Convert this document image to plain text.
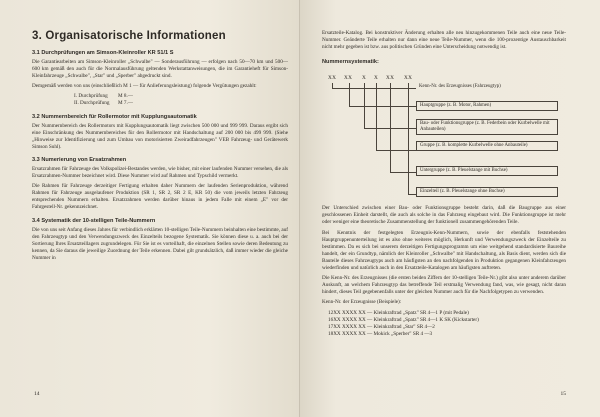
3. Organisatorische Informationen
3.1 Durchprüfungen am Simson-Kleinroller KR 51/1 S

Die Garantiearbeiten am Simson-Kleinroller „Schwalbe" — Sonderausführung — erfolgen nach 50—70 km und 500—600 km gemäß den auch für die Normalausführung geltenden Werkstattanweisungen, die im Garantieheft für Simson-Kleinfahrzeuge „Schwalbe", „Star" und „Sperber" abgedruckt sind.

Demgemäß werden von uns (einschließlich M 1 — für Anlieferungsleistung) folgende Vergütungen gezahlt:

I. Durchprüfung	M 8.—
II. Durchprüfung	M 7.—
3.2 Nummernbereich für Rollermotor mit Kupplungsautomatik

Der Nummernbereich des Rollermotors mit Kupplungsautomatik liegt zwischen 500 000 und 999 999. Daraus ergibt sich eine Einschränkung des Nummernbereiches für den Rollermotor mit Handschaltung auf 200 000 bis 499 999. (Siehe „Hinweise zur Identifizierung und zum Umbau von motorisierten Zweiradfahrzeugen" VEB Fahrzeug- und Gerätewerk Simson Suhl).

3.3 Numerierung von Ersatzrahmen

Ersatzrahmen für Fahrzeuge des Volkspolizei-Bestandes werden, wie bisher, mit einer laufenden Nummer versehen, die als Ersatzrahmen-Nummer bezeichnet wird. Diese Nummer wird auf Rahmen und Typschild vermerkt.

Die Rahmen für Fahrzeuge derzeitiger Fertigung erhalten daher Nummern der laufenden Serienproduktion, während Rahmen für Fahrzeuge ausgelaufener Produktion (SR 1, SR 2, SR 2 E, KR 50) die vom jeweils letzten Fahrzeug entsprechenden Nummern erhalten. Ersatzrahmen werden darüber hinaus in jedem Falle mit einem „E" vor der Fahrgestell-Nr. gekennzeichnet.

3.4 Systematik der 10-stelligen Teile-Nummern

Die von uns seit Anfang dieses Jahres für verbindlich erklärten 10-stelligen Teile-Nummern beinhalten eine bestimmte, auf den Fahrzeugtyp und den Verwendungszweck des Einzelteils bezogene Systematik. Sie können diese u. a. auch bei der Sortierung Ihres Ersatzteillagers zugrundelegen. Für Sie ist es vorteilhaft, die einzelnen Stellen sowie deren Bedeutung zu kennen, da Sie daraus die jeweilige Zuordnung der Teile erkennen. Dabei gilt grundsätzlich, daß immer wieder die gleiche Nummer in

14

Ersatzteile-Katalog. Bei konstruktiver Änderung erhalten alle neu hinzugekommenen Teile auch eine neue Teile-Nummer. Geänderte Teile erhalten nur dann eine neue Teile-Nummer, wenn die 100-prozentige Austauschbarkeit nicht mehr gegeben ist bzw. aus politischen Gründen eine Unterscheidung notwendig ist.

Nummernsystematik:
XX XX X X XX XX
Kenn-Nr. des Erzeugnisses (Fahrzeugtyp)
Hauptgruppe (z. B. Motor, Rahmen)
Bau- oder Funktionsgruppe (z. B. Federbein oder Kurbelwelle mit Anbauteilen)
Gruppe (z. B. komplette Kurbelwelle ohne Anbauteile)
Untergruppe (z. B. Pleuelstange mit Buchse)
Einzelteil (z. B. Pleuelstange ohne Buchse)

Der Unterschied zwischen einer Bau- oder Funktionsgruppe besteht darin, daß die Baugruppe aus einer geschlossenen Einheit darstellt, die auch als solche in das Fahrzeug eingebaut wird. Die Funktionsgruppe ist mehr oder weniger eine theoretische Zusammenstellung der funktionell zusammengehörenden Teile.

Bei Kenntnis der festgelegten Erzeugnis-Kenn-Nummern, sowie der ebenfalls feststehenden Hauptgruppenunterteilung ist es also ohne weiteres möglich, Herkunft und Verwendungszweck der Einzelteile zu bestimmen. Da es sich bei unserem derzeitigen Fertigungsprogramm um eine weitgehend standardisierte Baureihe handelt, der ein Grundtyp, nämlich der Kleinroller „Schwalbe" mit Handschaltung, als Basis dient, werden sich die Bauteile dieses Fahrzeugtyps auch am häufigsten an den nachfolgenden in Produktion gegangenen Kleinfahrzeugen wiederfinden und natürlich auch in den Ersatzteile-Katalogen am häufigsten auftreten.

Die Kenn-Nr. des Erzeugnisses (die ersten beiden Ziffern der 10-stelligen Teile-Nr.) gibt also unter anderem darüber Auskunft, an welchem Fahrzeugtyp das betreffende Teil erstmalig Verwendung fand, was, wie gesagt, nicht daran hindert, dieses Teil gegebenenfalls unter der gleichen Nummer auch für die Nachfolgetypen zu verwenden.

Kenn-Nr. der Erzeugnisse (Beispiele):

12XX XXXX XX — Kleinkraftrad „Spatz" SR 4—1 P (mit Pedale)
16XX XXXX XX — Kleinkraftrad „Spatz" SR 4—1 K SK (Kickstarter)
17XX XXXX XX — Kleinkraftrad „Star" SR 4—2
18XX XXXX XX — Mokick „Sperber" SR 4 —3
15
